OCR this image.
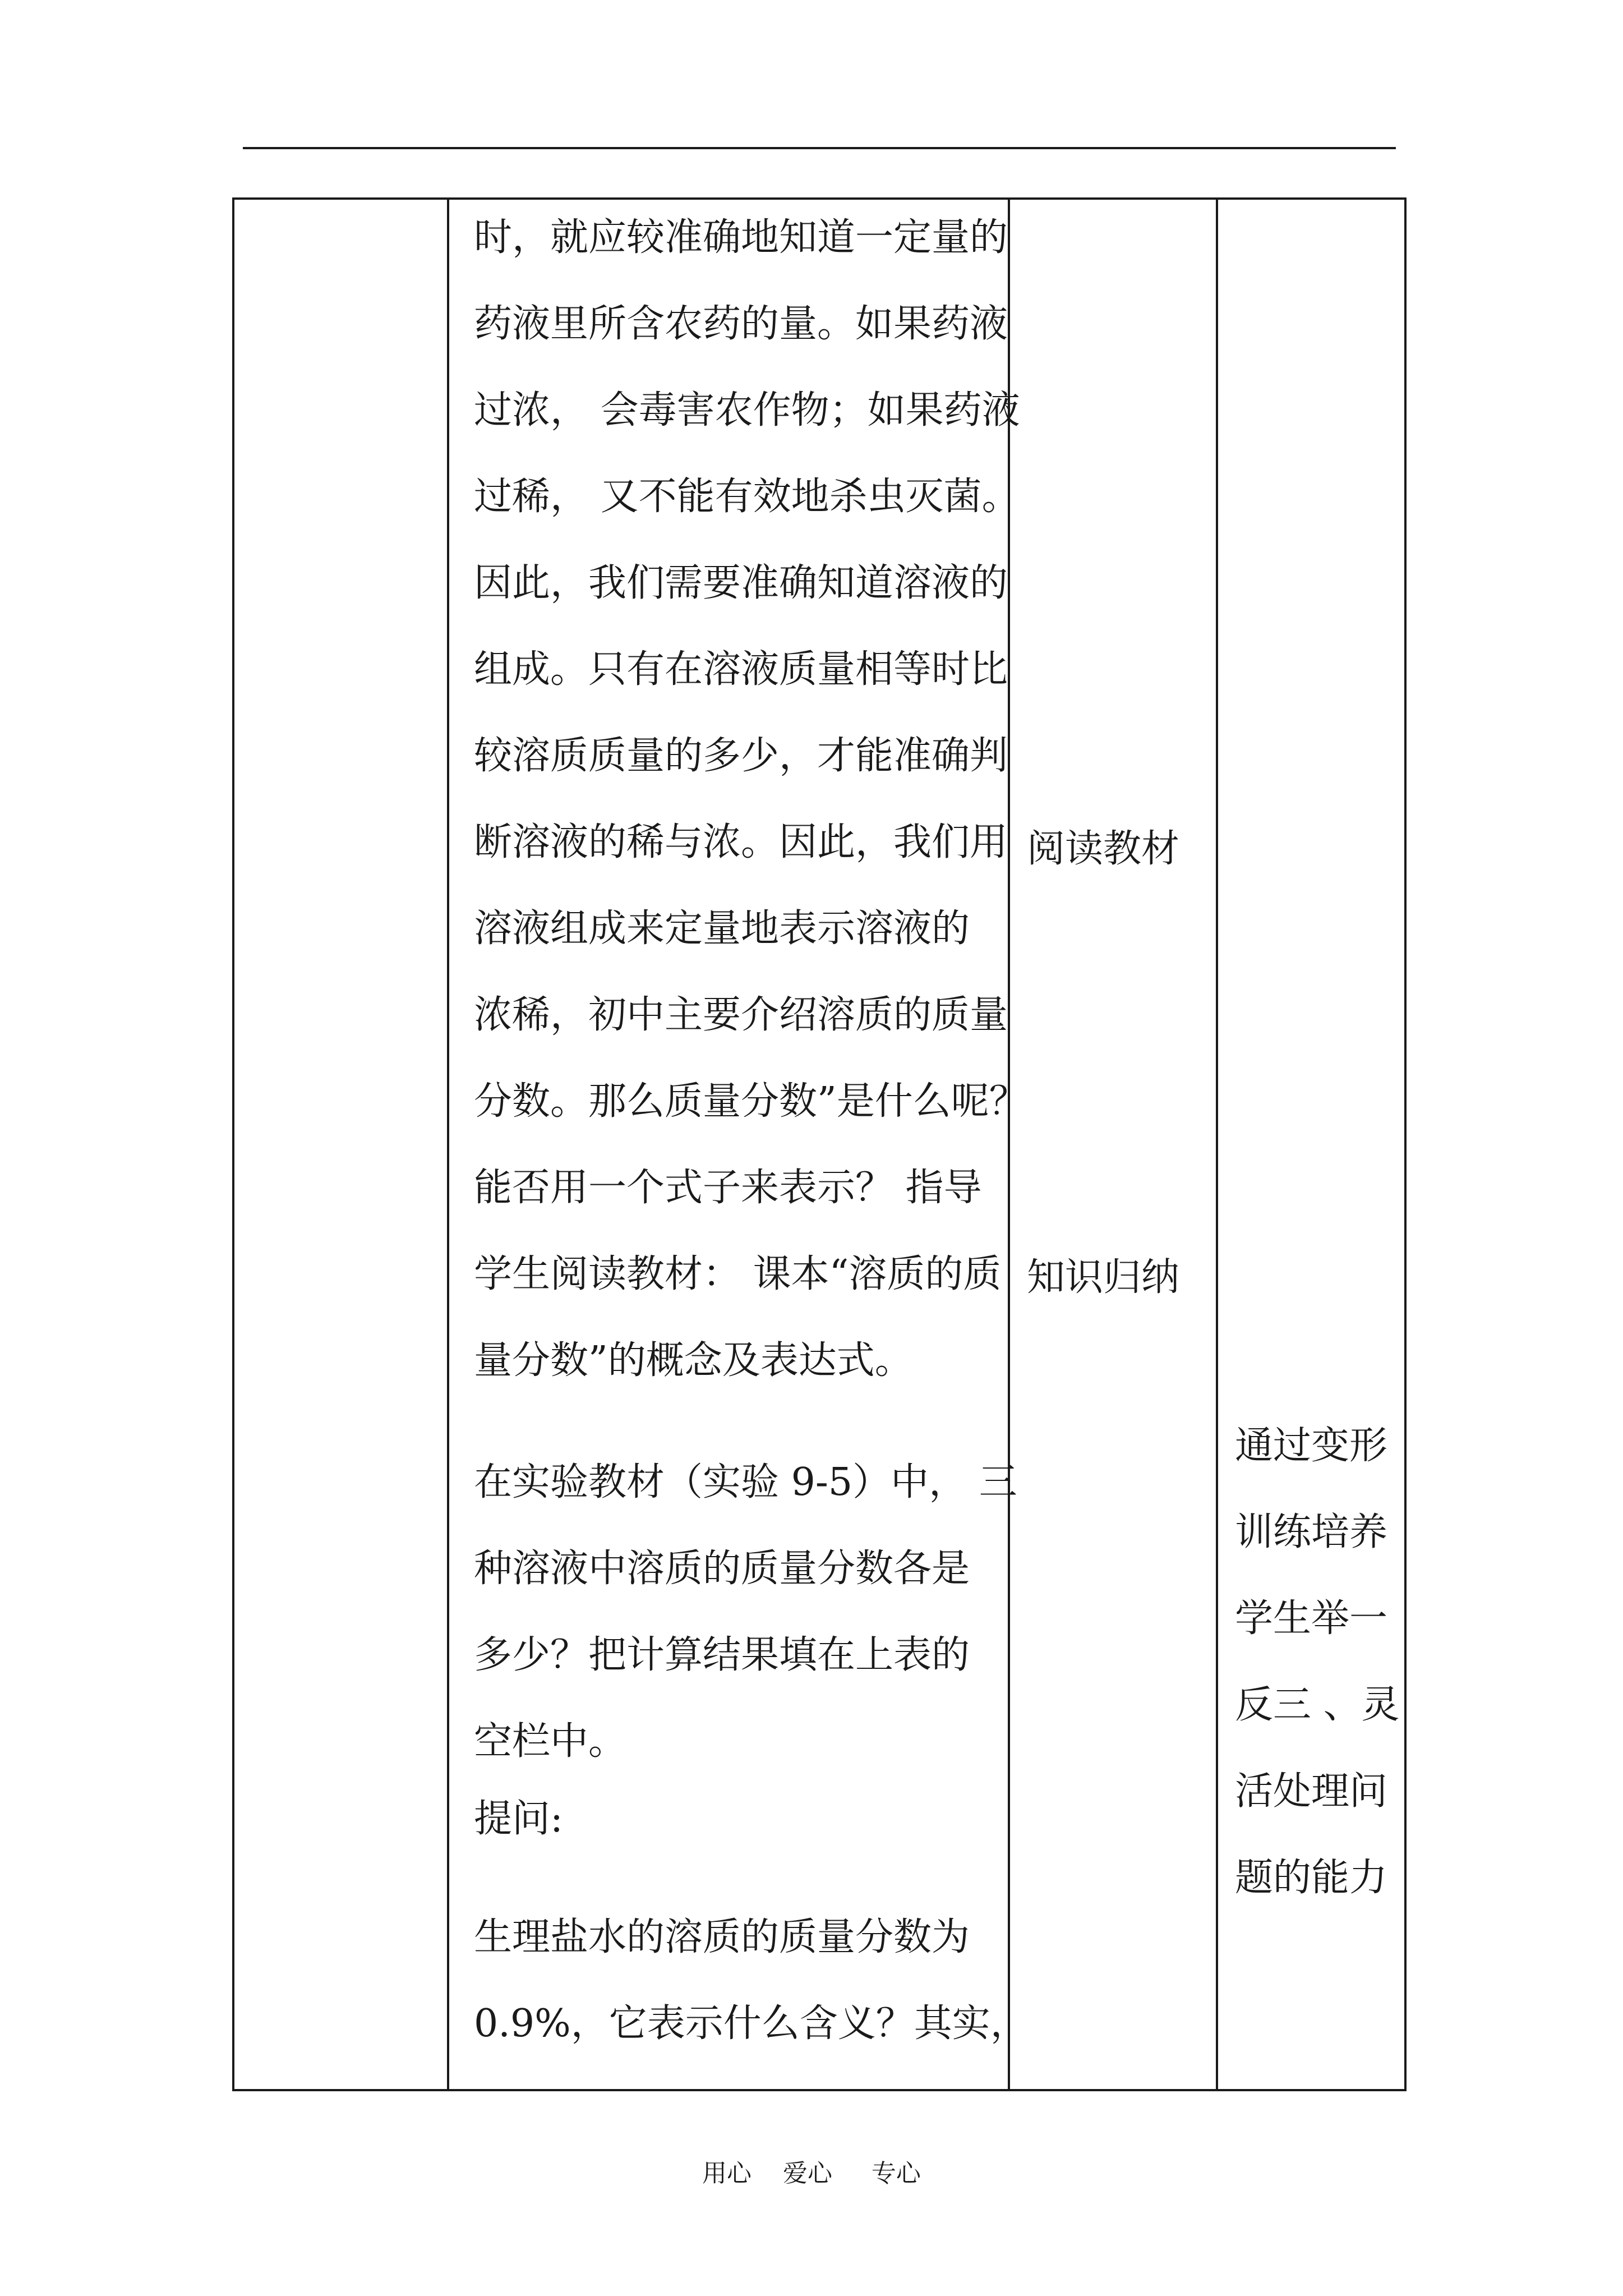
时，就应较准确地知道一定量的
药液里所含农药的量。如果药液
过浓， 会毒害农作物；如果药液
过稀， 又不能有效地杀虫灭菌。
因此，我们需要准确知道溶液的
组成。只有在溶液质量相等时比
较溶质质量的多少，才能准确判
断溶液的稀与浓。因此，我们用
溶液组成来定量地表示溶液的
浓稀，初中主要介绍溶质的质量
分数。那么质量分数”是什么呢？
能否用一个式子来表示？ 指导
学生阅读教材： 课本“溶质的质
量分数”的概念及表达式。
在实验教材（实验 9-5）中， 三
种溶液中溶质的质量分数各是
多少？把计算结果填在上表的
空栏中。
提问:
生理盐水的溶质的质量分数为
0.9%，它表示什么含义？其实，
阅读教材
知识归纳
通过变形
训练培养
学生举一
反三 、灵
活处理问
题的能力
用心    爱心     专心
